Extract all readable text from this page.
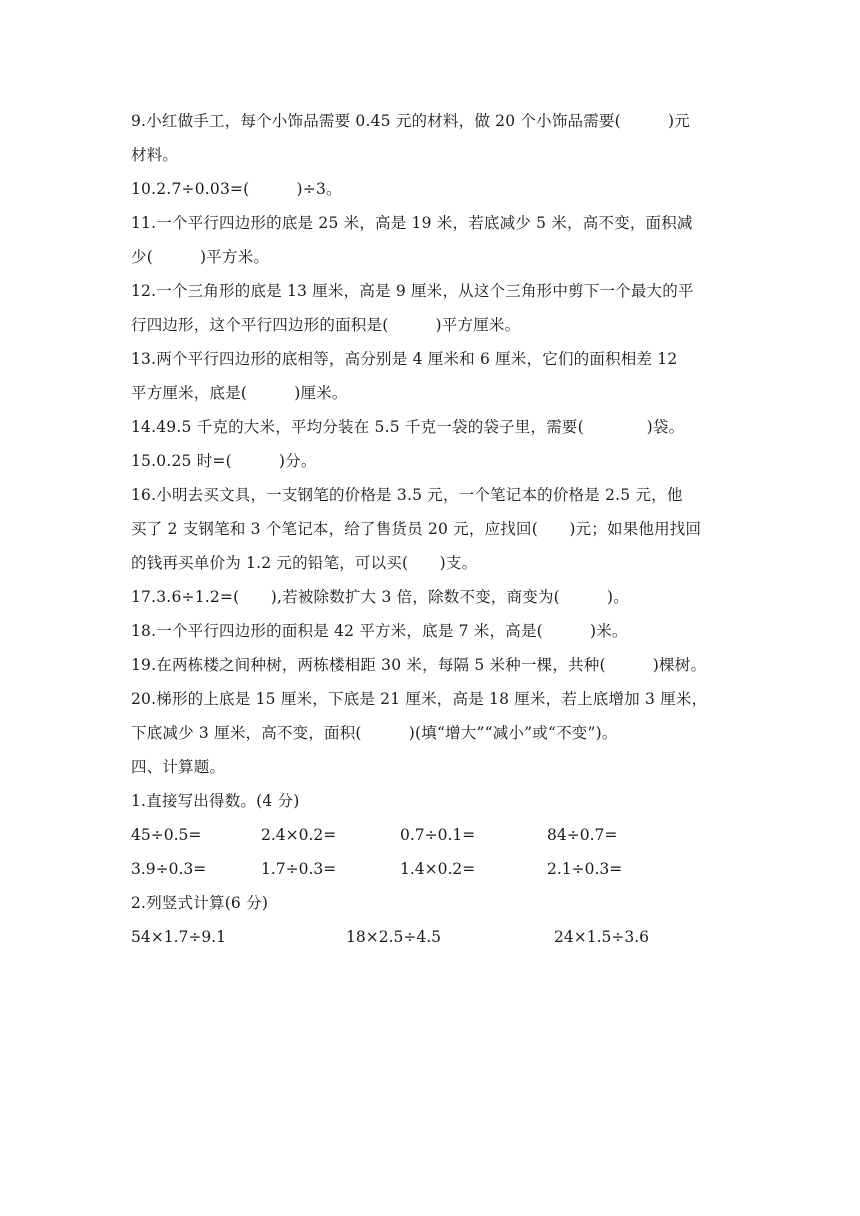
9.小红做手工，每个小饰品需要 0.45 元的材料，做 20 个小饰品需要(　　　)元
材料。
10.2.7÷0.03=(　　　)÷3。
11.一个平行四边形的底是 25 米，高是 19 米，若底减少 5 米，高不变，面积减
少(　　　)平方米。
12.一个三角形的底是 13 厘米，高是 9 厘米，从这个三角形中剪下一个最大的平
行四边形，这个平行四边形的面积是(　　　)平方厘米。
13.两个平行四边形的底相等，高分别是 4 厘米和 6 厘米，它们的面积相差 12
平方厘米，底是(　　　)厘米。
14.49.5 千克的大米，平均分装在 5.5 千克一袋的袋子里，需要(　　　　)袋。
15.0.25 时=(　　　)分。
16.小明去买文具，一支钢笔的价格是 3.5 元，一个笔记本的价格是 2.5 元，他
买了 2 支钢笔和 3 个笔记本，给了售货员 20 元，应找回(　　)元；如果他用找回
的钱再买单价为 1.2 元的铅笔，可以买(　　)支。
17.3.6÷1.2=(　　),若被除数扩大 3 倍，除数不变，商变为(　　　)。
18.一个平行四边形的面积是 42 平方米，底是 7 米，高是(　　　)米。
19.在两栋楼之间种树，两栋楼相距 30 米，每隔 5 米种一棵，共种(　　　)棵树。
20.梯形的上底是 15 厘米，下底是 21 厘米，高是 18 厘米，若上底增加 3 厘米，
下底减少 3 厘米，高不变，面积(　　　)(填“增大”“减小”或“不变”)。
四、计算题。
1.直接写出得数。(4 分)
45÷0.5=	2.4×0.2=	0.7÷0.1=	84÷0.7=
3.9÷0.3=	1.7÷0.3=	1.4×0.2=	2.1÷0.3=
2.列竖式计算(6 分)
54×1.7÷9.1	18×2.5÷4.5	24×1.5÷3.6
